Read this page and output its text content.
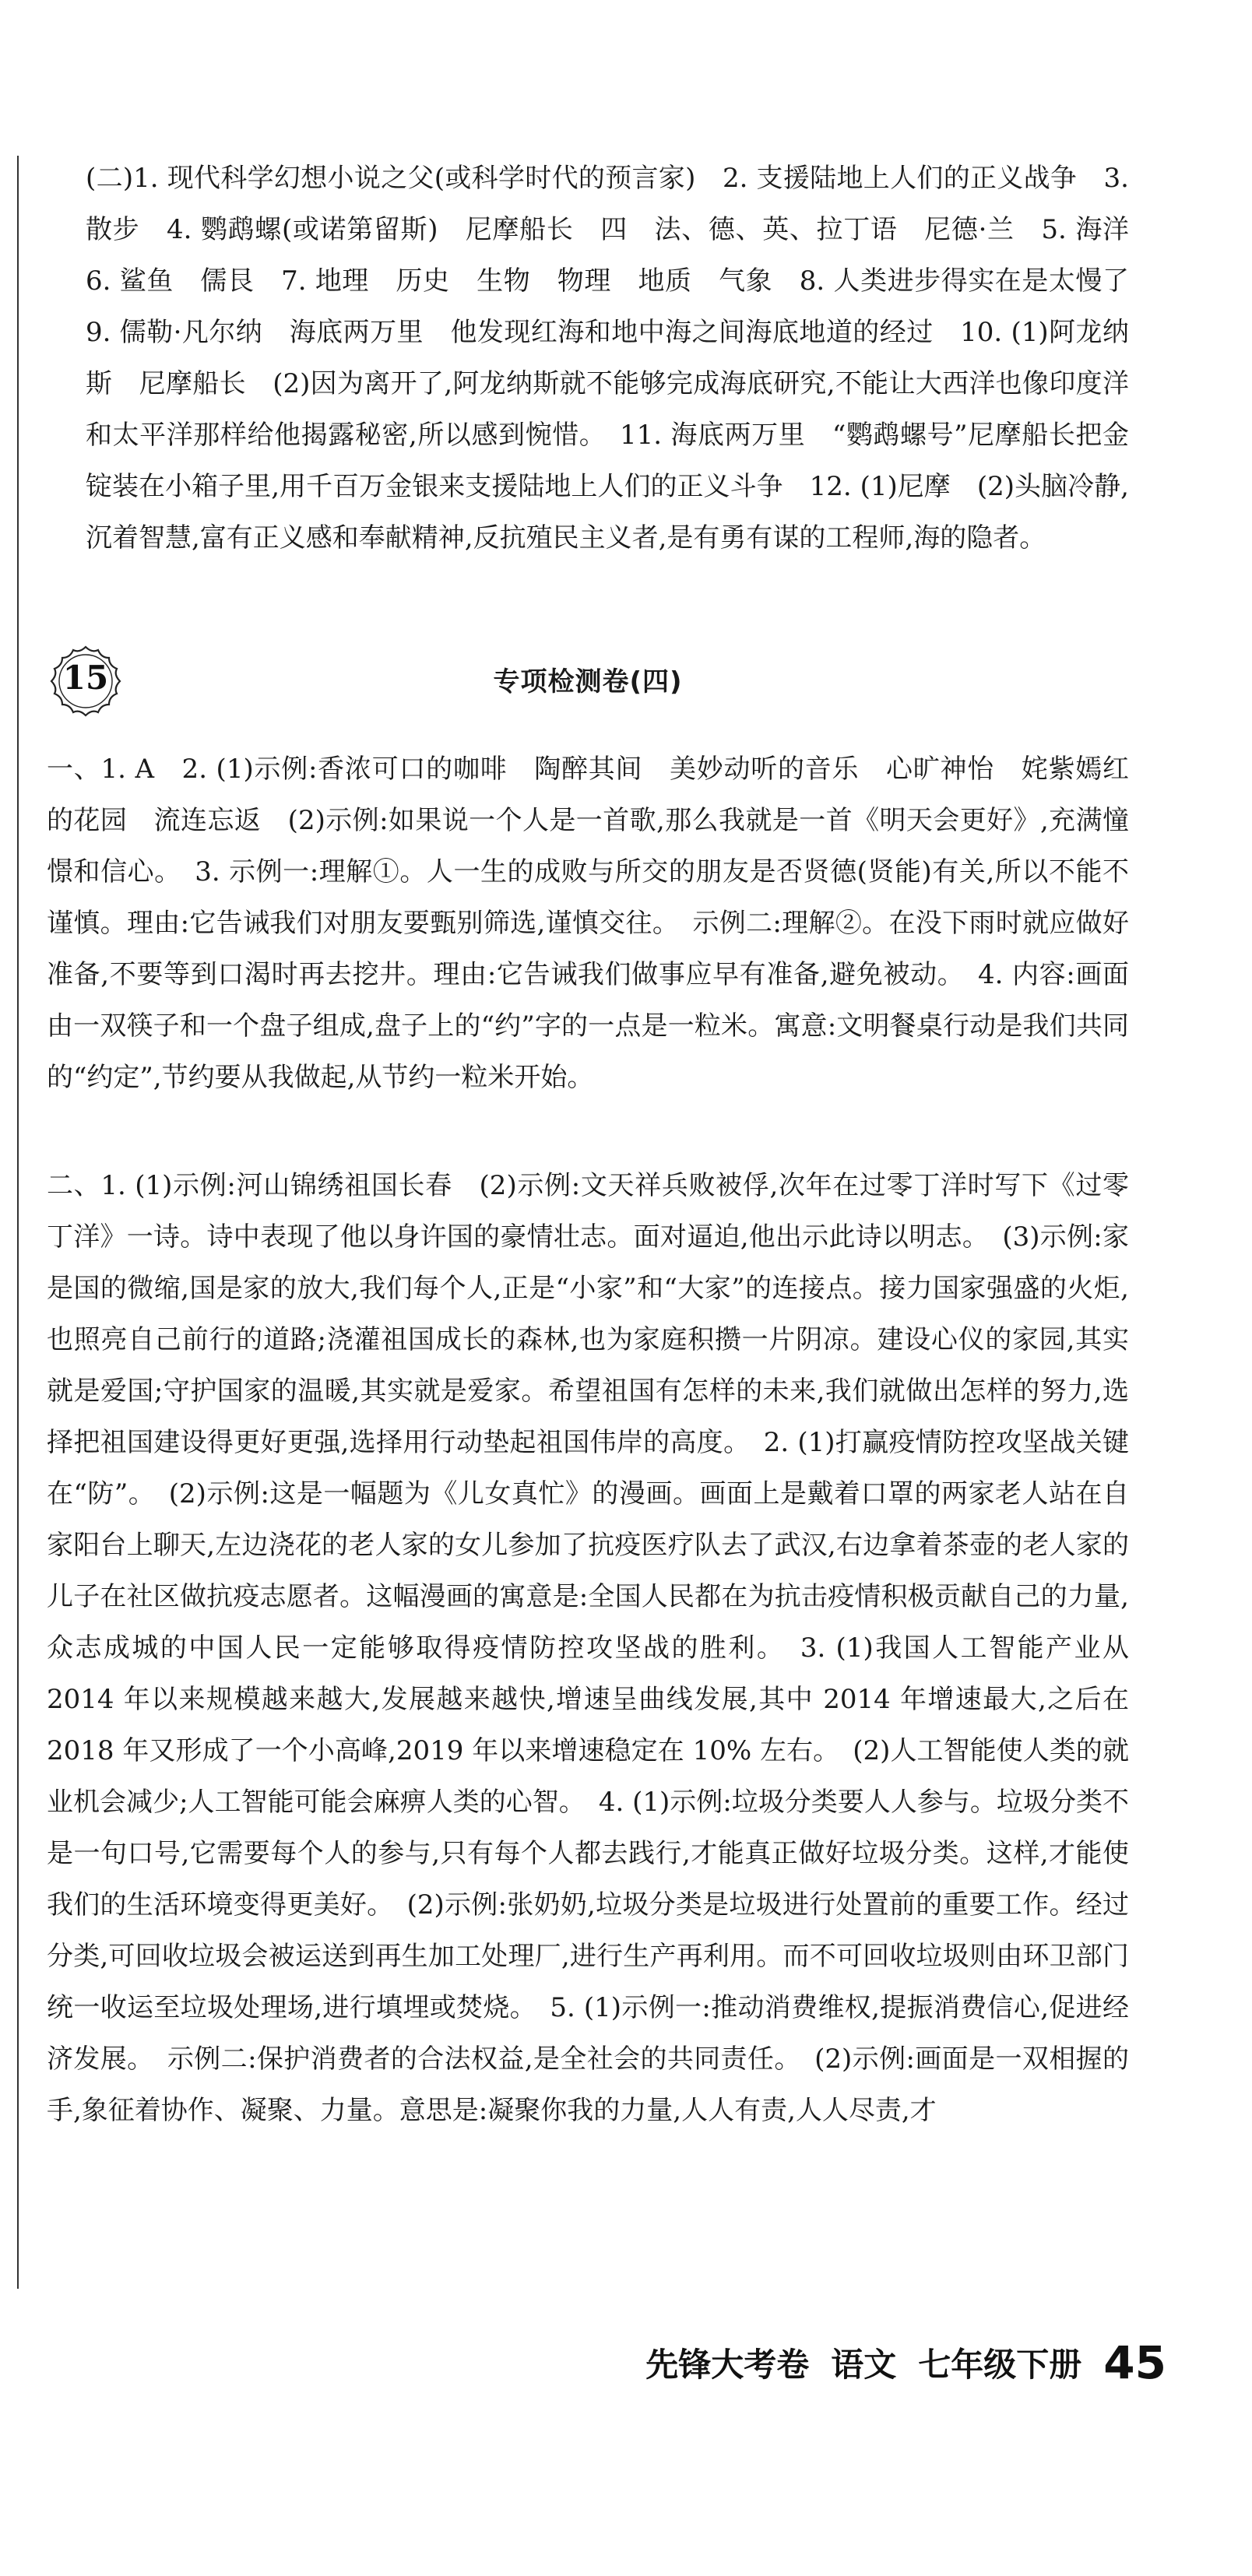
(二)1. 现代科学幻想小说之父(或科学时代的预言家)　2. 支援陆地上人们的正义战争　3. 散步　4. 鹦鹉螺(或诺第留斯)　尼摩船长　四　法、德、英、拉丁语　尼德·兰　5. 海洋　6. 鲨鱼　儒艮　7. 地理　历史　生物　物理　地质　气象　8. 人类进步得实在是太慢了　9. 儒勒·凡尔纳　海底两万里　他发现红海和地中海之间海底地道的经过　10. (1)阿龙纳斯　尼摩船长　(2)因为离开了,阿龙纳斯就不能够完成海底研究,不能让大西洋也像印度洋和太平洋那样给他揭露秘密,所以感到惋惜。　11. 海底两万里　“鹦鹉螺号”尼摩船长把金锭装在小箱子里,用千百万金银来支援陆地上人们的正义斗争　12. (1)尼摩　(2)头脑冷静,沉着智慧,富有正义感和奉献精神,反抗殖民主义者,是有勇有谋的工程师,海的隐者。

15	专项检测卷(四)

一、1. A　2. (1)示例:香浓可口的咖啡　陶醉其间　美妙动听的音乐　心旷神怡　姹紫嫣红的花园　流连忘返　(2)示例:如果说一个人是一首歌,那么我就是一首《明天会更好》,充满憧憬和信心。　3. 示例一:理解①。人一生的成败与所交的朋友是否贤德(贤能)有关,所以不能不谨慎。理由:它告诫我们对朋友要甄别筛选,谨慎交往。　示例二:理解②。在没下雨时就应做好准备,不要等到口渴时再去挖井。理由:它告诫我们做事应早有准备,避免被动。　4. 内容:画面由一双筷子和一个盘子组成,盘子上的“约”字的一点是一粒米。寓意:文明餐桌行动是我们共同的“约定”,节约要从我做起,从节约一粒米开始。

二、1. (1)示例:河山锦绣祖国长春　(2)示例:文天祥兵败被俘,次年在过零丁洋时写下《过零丁洋》一诗。诗中表现了他以身许国的豪情壮志。面对逼迫,他出示此诗以明志。　(3)示例:家是国的微缩,国是家的放大,我们每个人,正是“小家”和“大家”的连接点。接力国家强盛的火炬,也照亮自己前行的道路;浇灌祖国成长的森林,也为家庭积攒一片阴凉。建设心仪的家园,其实就是爱国;守护国家的温暖,其实就是爱家。希望祖国有怎样的未来,我们就做出怎样的努力,选择把祖国建设得更好更强,选择用行动垫起祖国伟岸的高度。　2. (1)打赢疫情防控攻坚战关键在“防”。　(2)示例:这是一幅题为《儿女真忙》的漫画。画面上是戴着口罩的两家老人站在自家阳台上聊天,左边浇花的老人家的女儿参加了抗疫医疗队去了武汉,右边拿着茶壶的老人家的儿子在社区做抗疫志愿者。这幅漫画的寓意是:全国人民都在为抗击疫情积极贡献自己的力量,众志成城的中国人民一定能够取得疫情防控攻坚战的胜利。　3. (1)我国人工智能产业从 2014 年以来规模越来越大,发展越来越快,增速呈曲线发展,其中 2014 年增速最大,之后在 2018 年又形成了一个小高峰,2019 年以来增速稳定在 10% 左右。　(2)人工智能使人类的就业机会减少;人工智能可能会麻痹人类的心智。　4. (1)示例:垃圾分类要人人参与。垃圾分类不是一句口号,它需要每个人的参与,只有每个人都去践行,才能真正做好垃圾分类。这样,才能使我们的生活环境变得更美好。　(2)示例:张奶奶,垃圾分类是垃圾进行处置前的重要工作。经过分类,可回收垃圾会被运送到再生加工处理厂,进行生产再利用。而不可回收垃圾则由环卫部门统一收运至垃圾处理场,进行填埋或焚烧。　5. (1)示例一:推动消费维权,提振消费信心,促进经济发展。　示例二:保护消费者的合法权益,是全社会的共同责任。　(2)示例:画面是一双相握的手,象征着协作、凝聚、力量。意思是:凝聚你我的力量,人人有责,人人尽责,才

先锋大考卷 语文 七年级下册 45
